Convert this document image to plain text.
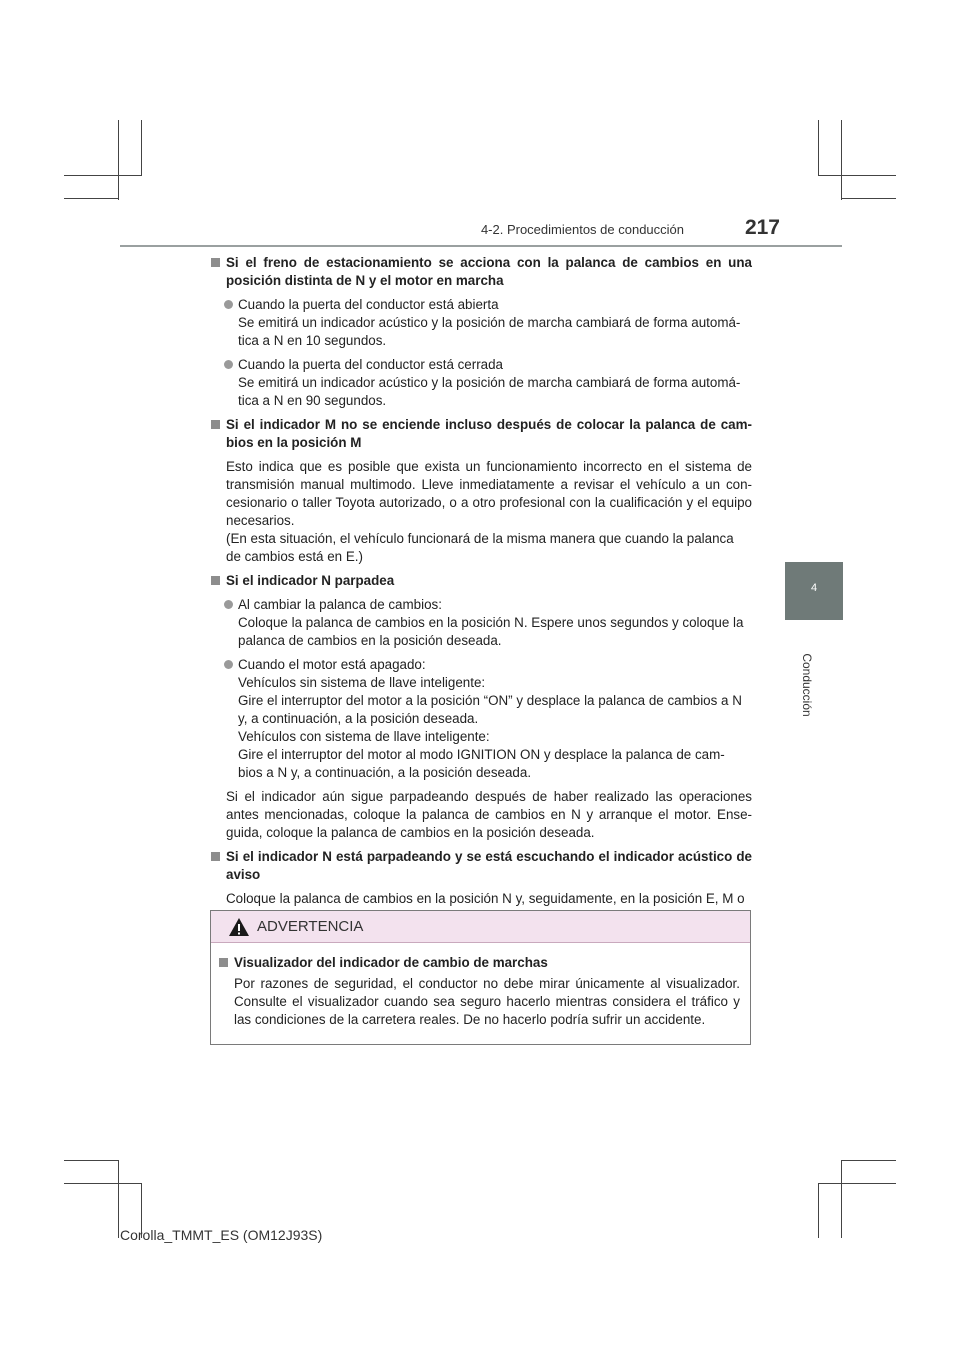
4-2. Procedimientos de conducción	217
4
Conducción
Si el freno de estacionamiento se acciona con la palanca de cambios en una posición distinta de N y el motor en marcha

Cuando la puerta del conductor está abierta

Se emitirá un indicador acústico y la posición de marcha cambiará de forma automá-

tica a N en 10 segundos.

Cuando la puerta del conductor está cerrada

Se emitirá un indicador acústico y la posición de marcha cambiará de forma automá-

tica a N en 90 segundos.

Si el indicador M no se enciende incluso después de colocar la palanca de cam- bios en la posición M

Esto indica que es posible que exista un funcionamiento incorrecto en el sistema de transmisión manual multimodo. Lleve inmediatamente a revisar el vehículo a un con- cesionario o taller Toyota autorizado, o a otro profesional con la cualificación y el equipo necesarios.

(En esta situación, el vehículo funcionará de la misma manera que cuando la palanca de cambios está en E.)

Si el indicador N parpadea

Al cambiar la palanca de cambios:

Coloque la palanca de cambios en la posición N. Espere unos segundos y coloque la palanca de cambios en la posición deseada.

Cuando el motor está apagado:

Vehículos sin sistema de llave inteligente:

Gire el interruptor del motor a la posición “ON” y desplace la palanca de cambios a N y, a continuación, a la posición deseada.

Vehículos con sistema de llave inteligente:

Gire el interruptor del motor al modo IGNITION ON y desplace la palanca de cam- bios a N y, a continuación, a la posición deseada.

Si el indicador aún sigue parpadeando después de haber realizado las operaciones antes mencionadas, coloque la palanca de cambios en N y arranque el motor. Ense- guida, coloque la palanca de cambios en la posición deseada.

Si el indicador N está parpadeando y se está escuchando el indicador acústico de aviso

Coloque la palanca de cambios en la posición N y, seguidamente, en la posición E, M o

ADVERTENCIA
Visualizador del indicador de cambio de marchas

Por razones de seguridad, el conductor no debe mirar únicamente al visualizador. Consulte el visualizador cuando sea seguro hacerlo mientras considera el tráfico y las condiciones de la carretera reales. De no hacerlo podría sufrir un accidente.

Corolla_TMMT_ES (OM12J93S)
